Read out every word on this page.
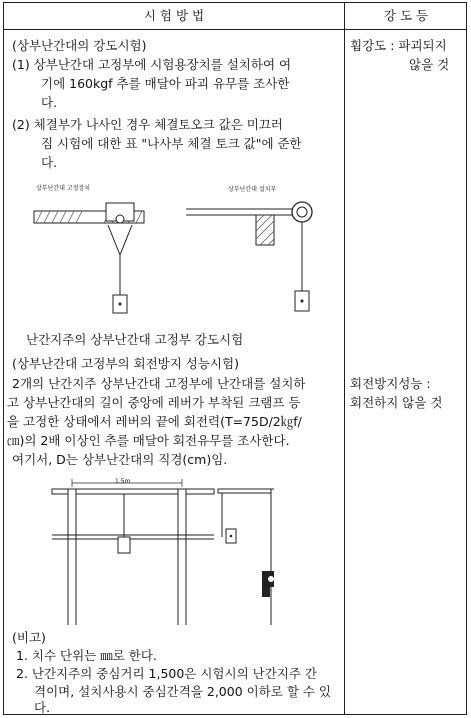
시 험 방 법	강 도 등
(상부난간대의 강도시험)
(1) 상부난간대 고정부에 시험용장치를 설치하여 여
기에 160kgf 추를 매달아 파괴 유무를 조사한
다.
(2) 체결부가 나사인 경우 체결토오크 값은 미끄러
짐 시험에 대한 표 "나사부 체결 토크 값"에 준한
다.
상부난간대 고정장치	상부난간대 설치부
난간지주의 상부난간대 고정부 강도시험
(상부난간대 고정부의 회전방지 성능시험)
2개의 난간지주 상부난간대 고정부에 난간대를 설치하
고 상부난간대의 길이 중앙에 레버가 부착된 크램프 등
을 고정한 상태에서 레버의 끝에 회전력(T=75D/2㎏f/
㎝)의 2배 이상인 추를 매달아 회전유무를 조사한다.
여기서, D는 상부난간대의 직경(cm)임.
1.5m
(비고)
1. 치수 단위는 ㎜로 한다.
2. 난간지주의 중심거리 1,500은 시험시의 난간지주 간
격이며, 설치사용시 중심간격을 2,000 이하로 할 수 있
다.
휨강도 : 파괴되지
않을 것
회전방지성능 :
회전하지 않을 것
